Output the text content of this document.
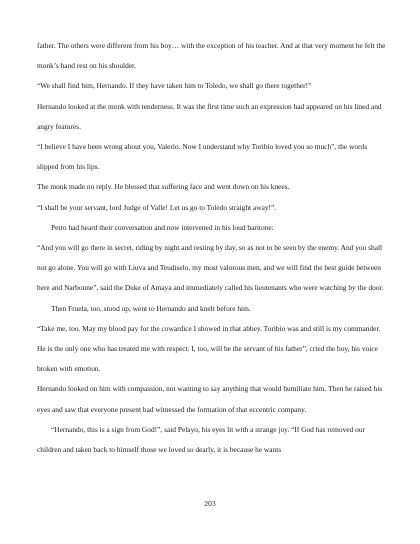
father. The others were different from his boy… with the exception of his teacher. And at that very moment he felt the monk’s hand rest on his shoulder.

“We shall find him, Hernando. If they have taken him to Toledo, we shall go there together!”

Hernando looked at the monk with tenderness. It was the first time such an expression had appeared on his lined and angry features.

“I believe I have been wrong about you, Valerio. Now I understand why Toribio loved you so much”, the words slipped from his lips.

The monk made no reply. He blessed that suffering face and went down on his knees.

“I shall be your servant, lord Judge of Valle! Let us go to Toledo straight away!”.

Petro had heard their conversation and now intervened in his loud baritone:

“And you will go there in secret, riding by night and resting by day, so as not to be seen by the enemy. And you shall not go alone. You will go with Liuva and Teudiselo, my most valorous men, and we will find the best guide between here and Narbonne”, said the Duke of Amaya and immediately called his lieutenants who were watching by the door.

Then Fruela, too, stood up, went to Hernando and knelt before him.

“Take me, too. May my blood pay for the cowardice I showed in that abbey. Toribio was and still is my commander. He is the only one who has treated me with respect. I, too, will be the servant of his father”, cried the boy, his voice broken with emotion.

Hernando looked on him with compassion, not wanting to say anything that would humiliate him. Then he raised his eyes and saw that everyone present had witnessed the formation of that eccentric company.

“Hernando, this is a sign from God!”, said Pelayo, his eyes lit with a strange joy. “If God has removed our children and taken back to himself those we loved so dearly, it is because he wants

203
